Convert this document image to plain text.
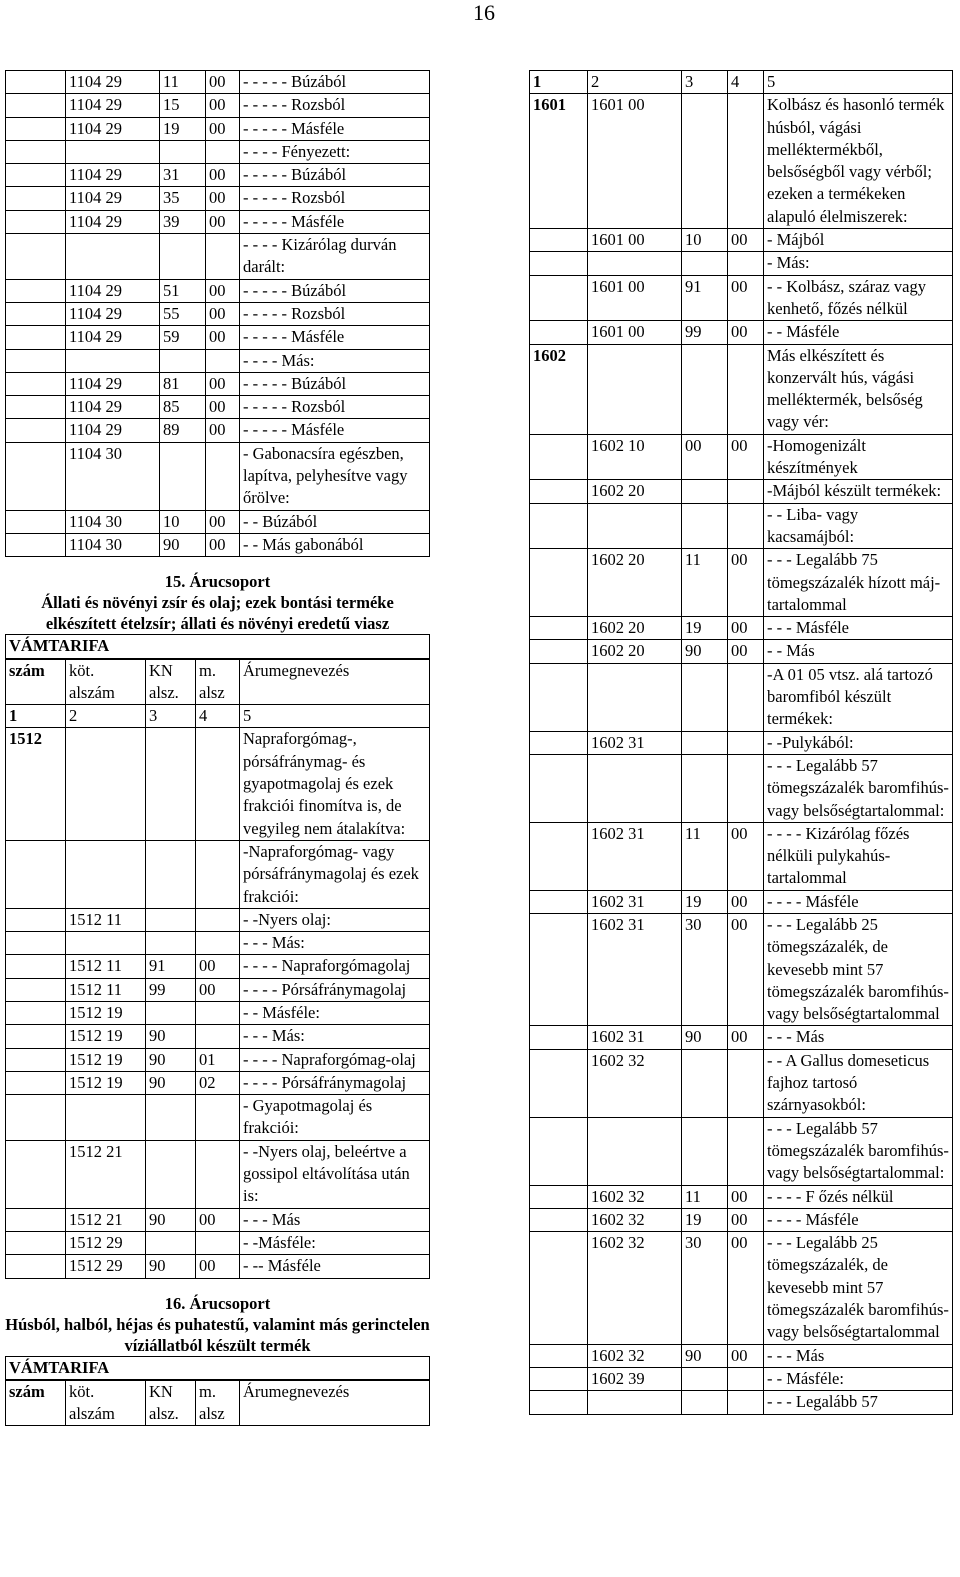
16
	1104 29	11	00	- - - - - Búzából
	1104 29	15	00	- - - - - Rozsból
	1104 29	19	00	- - - - - Másféle
				- - - - Fényezett:
	1104 29	31	00	- - - - - Búzából
	1104 29	35	00	- - - - - Rozsból
	1104 29	39	00	- - - - - Másféle
				- - - - Kizárólag durván darált:
	1104 29	51	00	- - - - - Búzából
	1104 29	55	00	- - - - - Rozsból
	1104 29	59	00	- - - - - Másféle
				- - - - Más:
	1104 29	81	00	- - - - - Búzából
	1104 29	85	00	- - - - - Rozsból
	1104 29	89	00	- - - - - Másféle
	1104 30			- Gabonacsíra egészben, lapítva, pelyhesítve vagy őrölve:
	1104 30	10	00	- - Búzából
	1104 30	90	00	- - Más gabonából
15. Árucsoport
Állati és növényi zsír és olaj; ezek bontási terméke elkészített ételzsír; állati és növényi eredetű viasz
VÁMTARIFA
szám	köt. alszám	KN alsz.	m. alsz	Árumegnevezés
1	2	3	4	5
1512				Napraforgómag-, pórsáfránymag- és gyapotmagolaj és ezek frakciói finomítva is, de vegyileg nem átalakítva:
				-Napraforgómag- vagy pórsáfránymagolaj és ezek frakciói:
	1512 11			- -Nyers olaj:
				- - - Más:
	1512 11	91	00	- - - - Napraforgómagolaj
	1512 11	99	00	- - - - Pórsáfránymagolaj
	1512 19			- - Másféle:
	1512 19	90		- - - Más:
	1512 19	90	01	- - - - Napraforgómag-olaj
	1512 19	90	02	- - - - Pórsáfránymagolaj
				- Gyapotmagolaj és frakciói:
	1512 21			- -Nyers olaj, beleértve a gossipol eltávolítása után is:
	1512 21	90	00	- - - Más
	1512 29			- -Másféle:
	1512 29	90	00	- -- Másféle
16. Árucsoport
Húsból, halból, héjas és puhatestű, valamint más gerinctelen víziállatból készült termék
VÁMTARIFA
szám	köt. alszám	KN alsz.	m. alsz	Árumegnevezés
1	2	3	4	5
1601	1601 00			Kolbász és hasonló termék húsból, vágási melléktermékből, belsőségből vagy vérből; ezeken a termékeken alapuló élelmiszerek:
	1601 00	10	00	- Májból
				- Más:
	1601 00	91	00	- - Kolbász, száraz vagy kenhető, főzés nélkül
	1601 00	99	00	- - Másféle
1602				Más elkészített és konzervált hús, vágási melléktermék, belsőség vagy vér:
	1602 10	00	00	-Homogenizált készítmények
	1602 20			-Májból készült termékek:
				- - Liba- vagy kacsamájból:
	1602 20	11	00	- - - Legalább 75 tömegszázalék hízott máj-tartalommal
	1602 20	19	00	- - - Másféle
	1602 20	90	00	- - Más
				-A 01 05 vtsz. alá tartozó baromfiból készült termékek:
	1602 31			- -Pulykából:
				- - - Legalább 57 tömegszázalék baromfihús- vagy belsőségtartalommal:
	1602 31	11	00	- - - - Kizárólag főzés nélküli pulykahús-tartalommal
	1602 31	19	00	- - - - Másféle
	1602 31	30	00	- - - Legalább 25 tömegszázalék, de kevesebb mint 57 tömegszázalék baromfihús-vagy belsőségtartalommal
	1602 31	90	00	- - - Más
	1602 32			- - A Gallus domeseticus fajhoz tartosó szárnyasokból:
				- - - Legalább 57 tömegszázalék baromfihús- vagy belsőségtartalommal:
	1602 32	11	00	- - - - F őzés nélkül
	1602 32	19	00	- - - - Másféle
	1602 32	30	00	- - - Legalább 25 tömegszázalék, de kevesebb mint 57 tömegszázalék baromfihús- vagy belsőségtartalommal
	1602 32	90	00	- - - Más
	1602 39			- - Másféle:
				- - - Legalább 57
